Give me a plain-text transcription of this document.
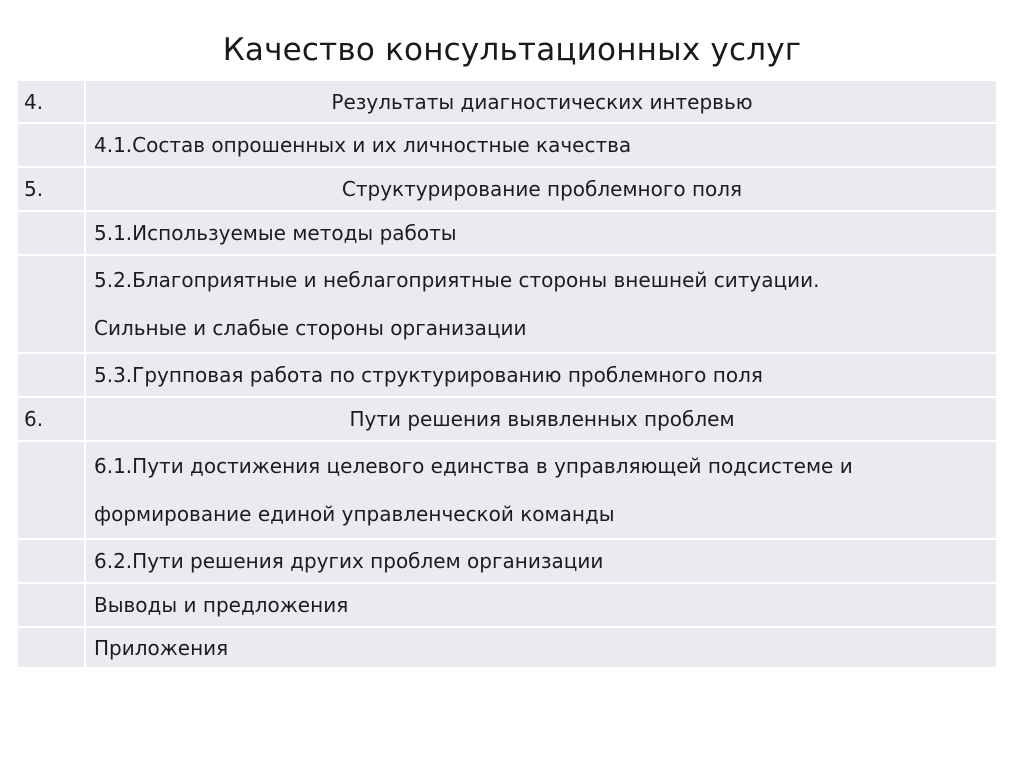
Качество консультационных услуг
4.	Результаты диагностических интервью
	4.1.Состав опрошенных и их личностные качества
5.	Структурирование проблемного поля
	5.1.Используемые методы работы

	5.2.Благоприятные и неблагоприятные стороны внешней ситуации.
Сильные и слабые стороны организации

	5.3.Групповая работа по структурированию проблемного поля
6.	Пути решения выявленных проблем

	6.1.Пути достижения целевого единства в управляющей подсистеме и
формирование единой управленческой команды

	6.2.Пути решения других проблем организации
	Выводы и предложения
	Приложения
